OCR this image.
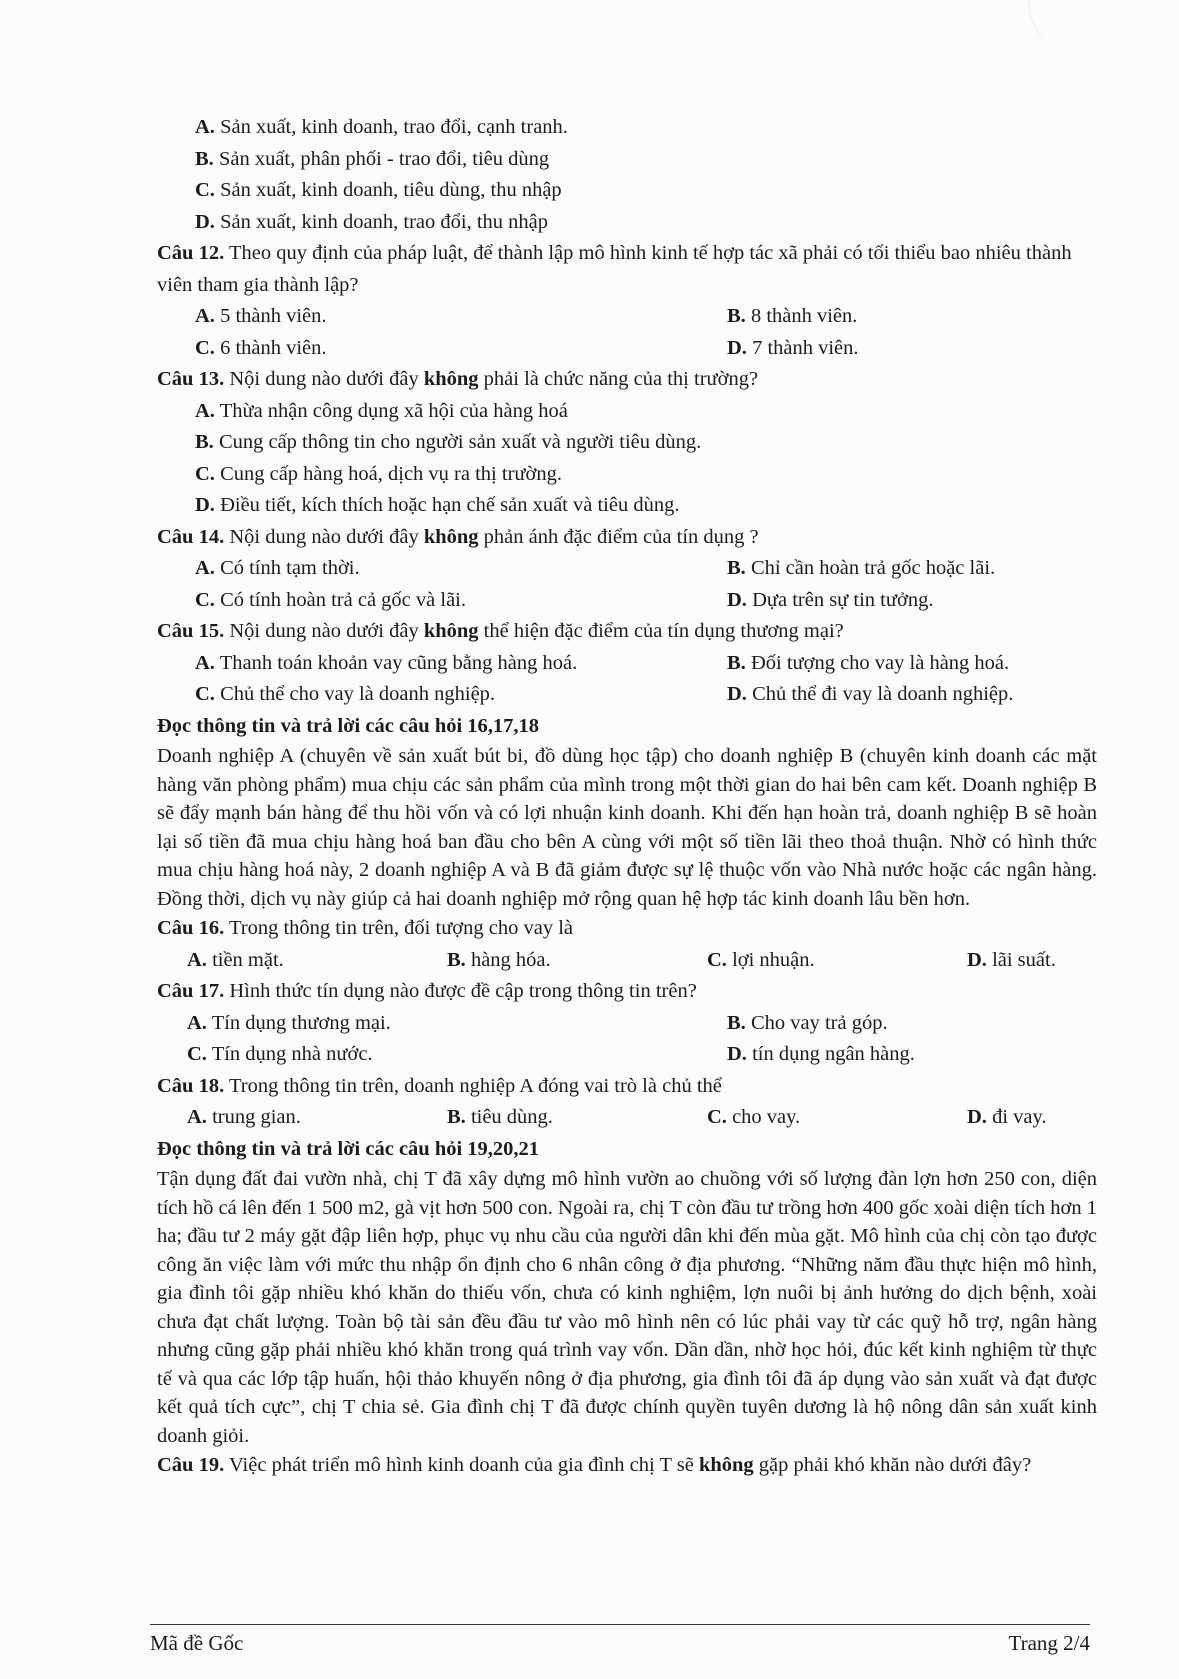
A. Sản xuất, kinh doanh, trao đổi, cạnh tranh.
B. Sản xuất, phân phối - trao đổi, tiêu dùng
C. Sản xuất, kinh doanh, tiêu dùng, thu nhập
D. Sản xuất, kinh doanh, trao đổi, thu nhập
Câu 12. Theo quy định của pháp luật, để thành lập mô hình kinh tế hợp tác xã phải có tối thiểu bao nhiêu thành viên tham gia thành lập?
A. 5 thành viên.	B. 8 thành viên.
C. 6 thành viên.	D. 7 thành viên.
Câu 13. Nội dung nào dưới đây không phải là chức năng của thị trường?
A. Thừa nhận công dụng xã hội của hàng hoá
B. Cung cấp thông tin cho người sản xuất và người tiêu dùng.
C. Cung cấp hàng hoá, dịch vụ ra thị trường.
D. Điều tiết, kích thích hoặc hạn chế sản xuất và tiêu dùng.
Câu 14. Nội dung nào dưới đây không phản ánh đặc điểm của tín dụng ?
A. Có tính tạm thời.	B. Chỉ cần hoàn trả gốc hoặc lãi.
C. Có tính hoàn trả cả gốc và lãi.	D. Dựa trên sự tin tưởng.
Câu 15. Nội dung nào dưới đây không thể hiện đặc điểm của tín dụng thương mại?
A. Thanh toán khoản vay cũng bằng hàng hoá.	B. Đối tượng cho vay là hàng hoá.
C. Chủ thể cho vay là doanh nghiệp.	D. Chủ thể đi vay là doanh nghiệp.
Đọc thông tin và trả lời các câu hỏi 16,17,18
Doanh nghiệp A (chuyên về sản xuất bút bi, đồ dùng học tập) cho doanh nghiệp B (chuyên kinh doanh các mặt hàng văn phòng phẩm) mua chịu các sản phẩm của mình trong một thời gian do hai bên cam kết. Doanh nghiệp B sẽ đẩy mạnh bán hàng để thu hồi vốn và có lợi nhuận kinh doanh. Khi đến hạn hoàn trả, doanh nghiệp B sẽ hoàn lại số tiền đã mua chịu hàng hoá ban đầu cho bên A cùng với một số tiền lãi theo thoả thuận. Nhờ có hình thức mua chịu hàng hoá này, 2 doanh nghiệp A và B đã giảm được sự lệ thuộc vốn vào Nhà nước hoặc các ngân hàng. Đồng thời, dịch vụ này giúp cả hai doanh nghiệp mở rộng quan hệ hợp tác kinh doanh lâu bền hơn.
Câu 16. Trong thông tin trên, đối tượng cho vay là
A. tiền mặt.	B. hàng hóa.	C. lợi nhuận.	D. lãi suất.
Câu 17. Hình thức tín dụng nào được đề cập trong thông tin trên?
A. Tín dụng thương mại.	B. Cho vay trả góp.
C. Tín dụng nhà nước.	D. tín dụng ngân hàng.
Câu 18. Trong thông tin trên, doanh nghiệp A đóng vai trò là chủ thể
A. trung gian.	B. tiêu dùng.	C. cho vay.	D. đi vay.
Đọc thông tin và trả lời các câu hỏi 19,20,21
Tận dụng đất đai vườn nhà, chị T đã xây dựng mô hình vườn ao chuồng với số lượng đàn lợn hơn 250 con, diện tích hồ cá lên đến 1 500 m2, gà vịt hơn 500 con. Ngoài ra, chị T còn đầu tư trồng hơn 400 gốc xoài diện tích hơn 1 ha; đầu tư 2 máy gặt đập liên hợp, phục vụ nhu cầu của người dân khi đến mùa gặt. Mô hình của chị còn tạo được công ăn việc làm với mức thu nhập ổn định cho 6 nhân công ở địa phương. “Những năm đầu thực hiện mô hình, gia đình tôi gặp nhiều khó khăn do thiếu vốn, chưa có kinh nghiệm, lợn nuôi bị ảnh hưởng do dịch bệnh, xoài chưa đạt chất lượng. Toàn bộ tài sản đều đầu tư vào mô hình nên có lúc phải vay từ các quỹ hỗ trợ, ngân hàng nhưng cũng gặp phải nhiều khó khăn trong quá trình vay vốn. Dần dần, nhờ học hỏi, đúc kết kinh nghiệm từ thực tế và qua các lớp tập huấn, hội thảo khuyến nông ở địa phương, gia đình tôi đã áp dụng vào sản xuất và đạt được kết quả tích cực”, chị T chia sẻ. Gia đình chị T đã được chính quyền tuyên dương là hộ nông dân sản xuất kinh doanh giỏi.
Câu 19. Việc phát triển mô hình kinh doanh của gia đình chị T sẽ không gặp phải khó khăn nào dưới đây?
Mã đề Gốc	Trang 2/4
